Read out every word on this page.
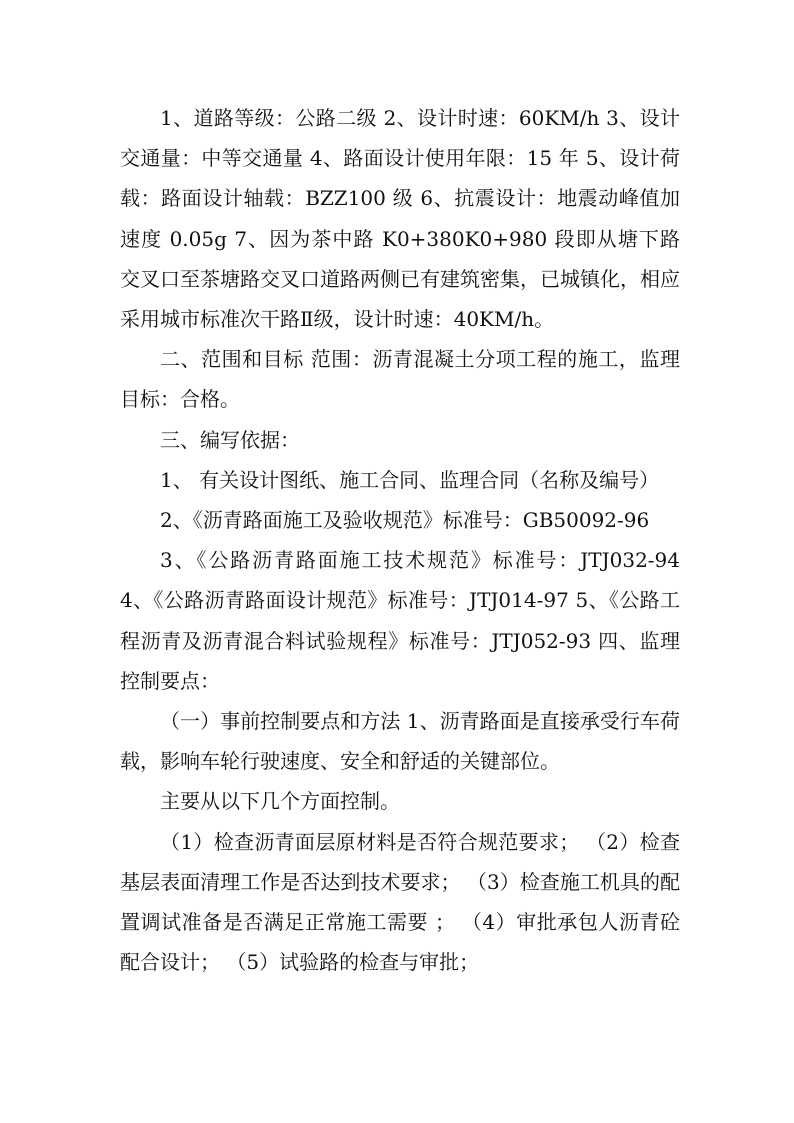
1、道路等级：公路二级 2、设计时速：60KM/h 3、设计交通量：中等交通量 4、路面设计使用年限：15 年 5、设计荷载：路面设计轴载：BZZ100 级 6、抗震设计：地震动峰值加速度 0.05g 7、因为茶中路 K0+380K0+980 段即从塘下路交叉口至茶塘路交叉口道路两侧已有建筑密集，已城镇化，相应采用城市标准次干路Ⅱ级，设计时速：40KM/h。

二、范围和目标 范围：沥青混凝土分项工程的施工，监理目标：合格。

三、编写依据：

1、 有关设计图纸、施工合同、监理合同（名称及编号）

2、《沥青路面施工及验收规范》标准号：GB50092-96

3、《公路沥青路面施工技术规范》标准号：JTJ032-94 4、《公路沥青路面设计规范》标准号：JTJ014-97 5、《公路工程沥青及沥青混合料试验规程》标准号：JTJ052-93 四、监理控制要点：

（一）事前控制要点和方法 1、沥青路面是直接承受行车荷载，影响车轮行驶速度、安全和舒适的关键部位。

主要从以下几个方面控制。

（1）检查沥青面层原材料是否符合规范要求； （2）检查基层表面清理工作是否达到技术要求； （3）检查施工机具的配置调试准备是否满足正常施工需要 ； （4）审批承包人沥青砼配合设计； （5）试验路的检查与审批；
